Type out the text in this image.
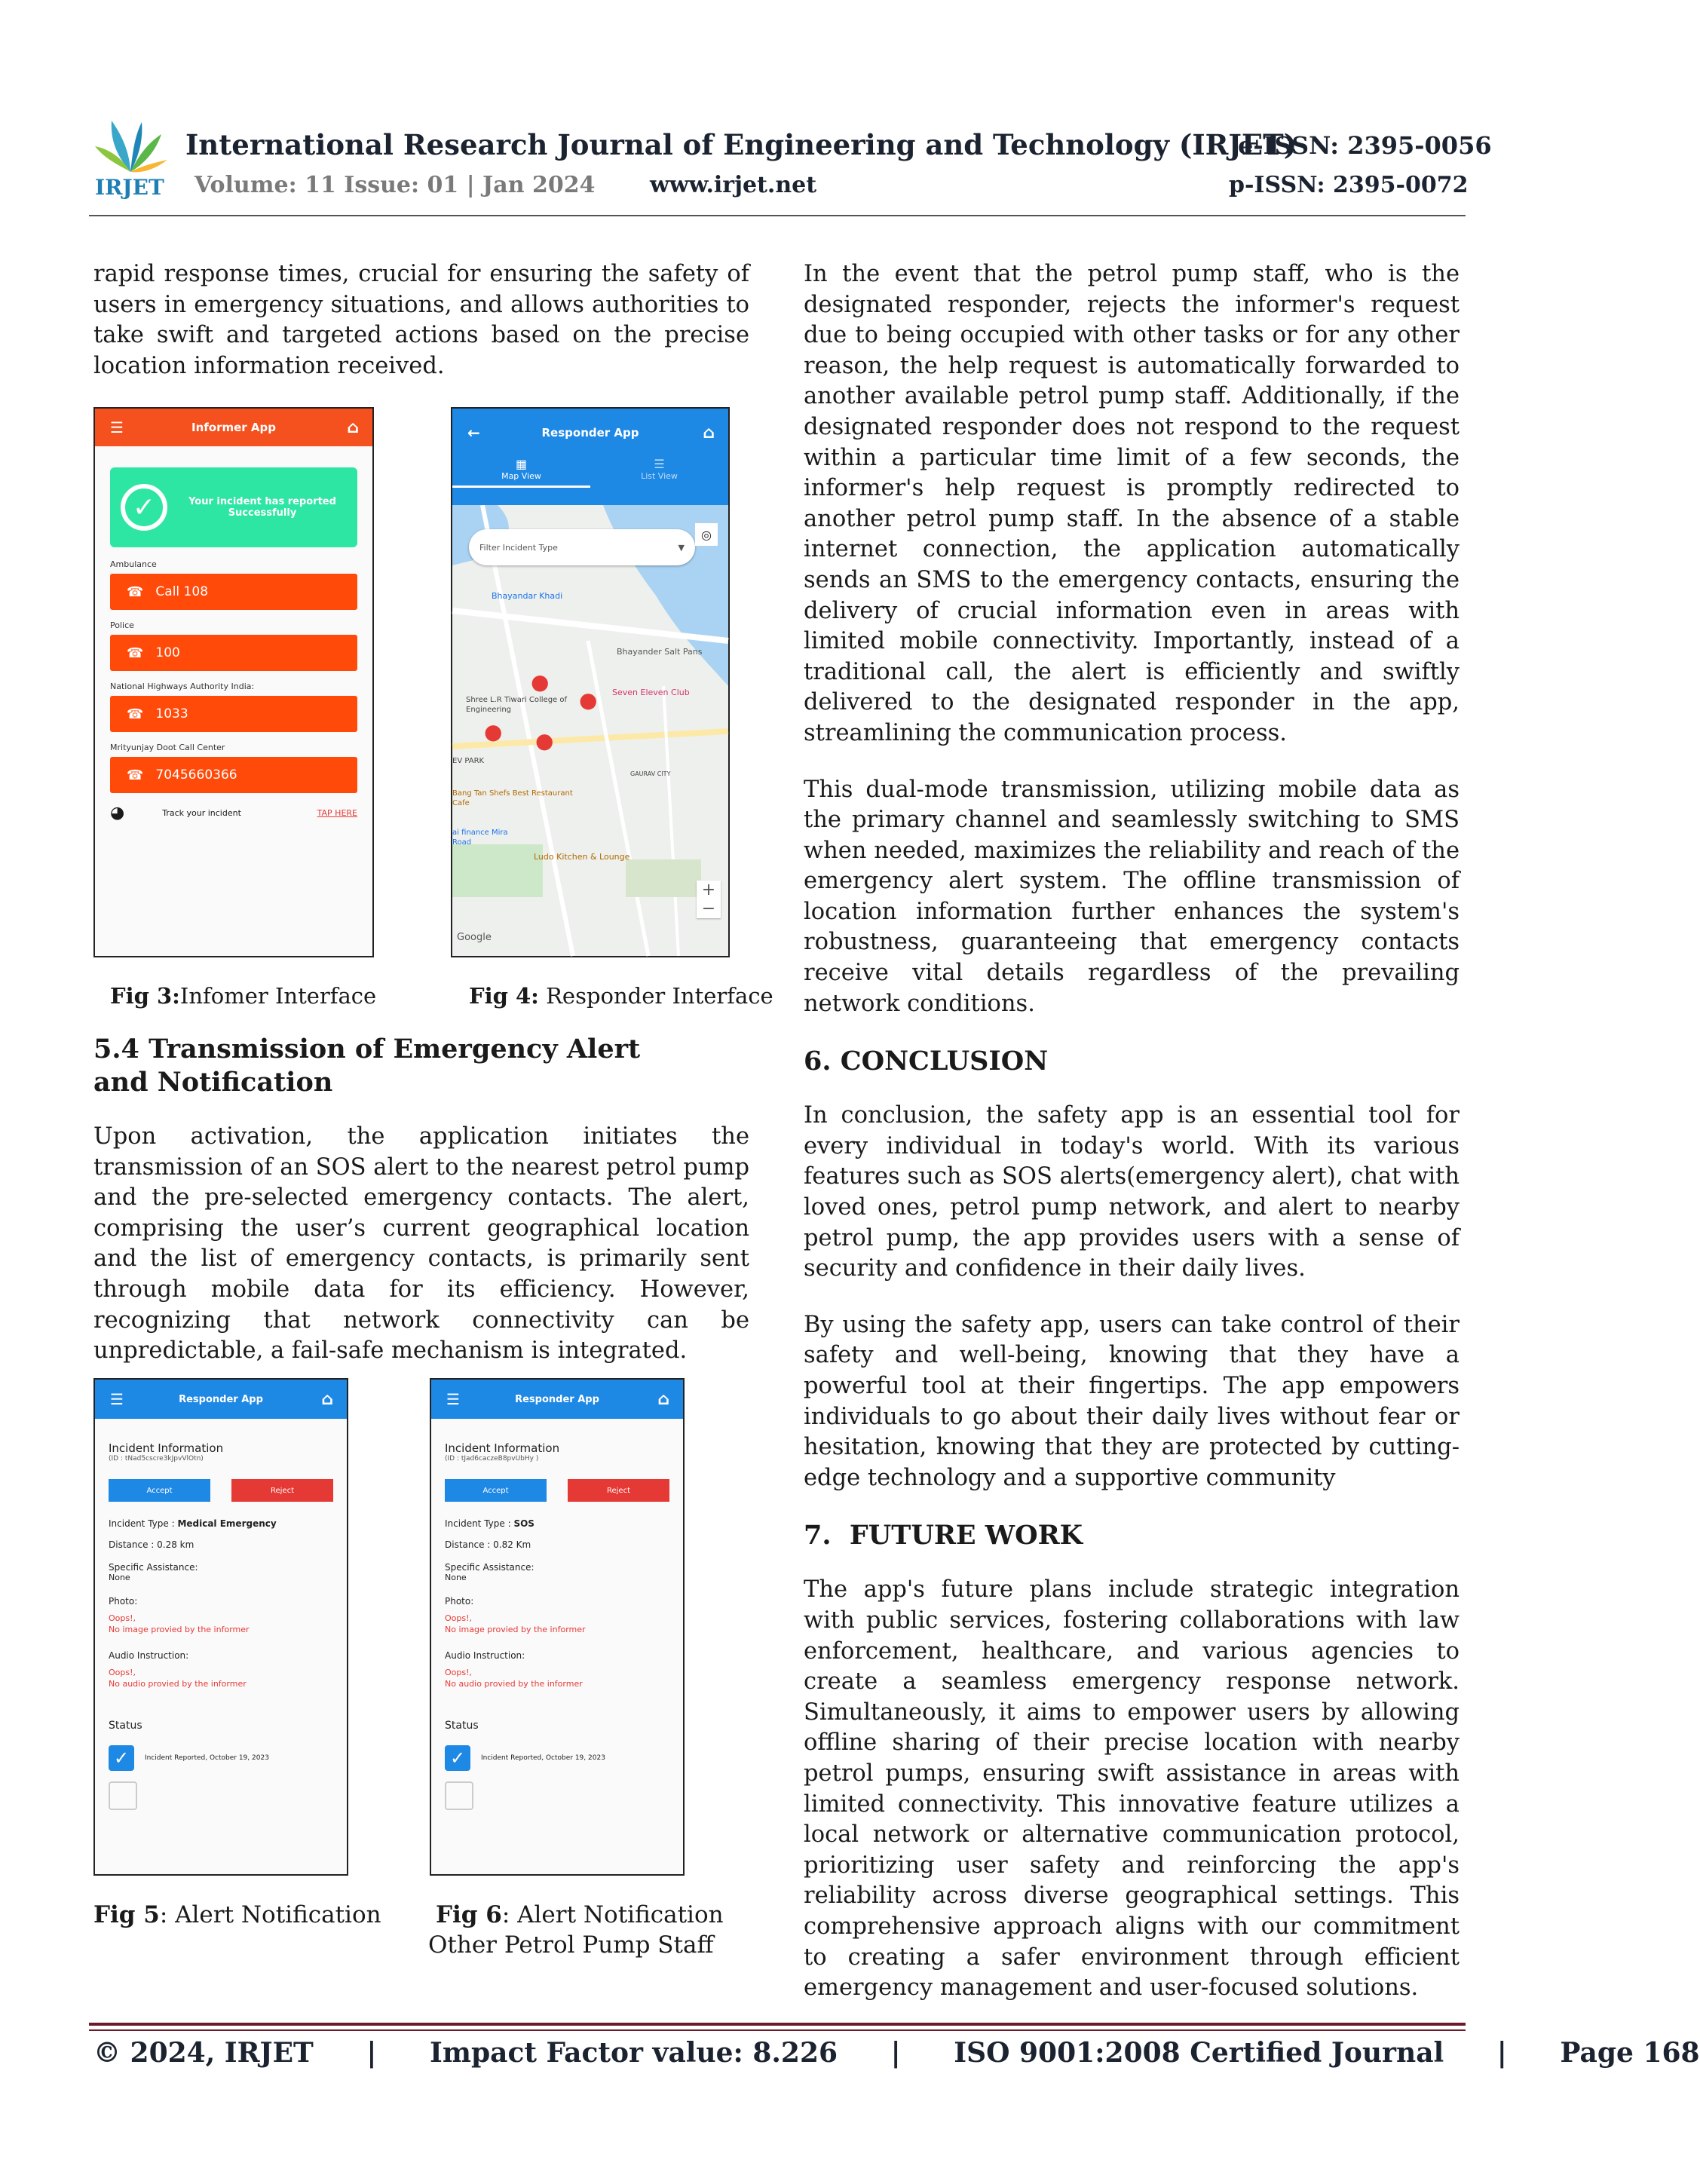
IRJET
International Research Journal of Engineering and Technology (IRJET)
e-ISSN: 2395-0056
Volume: 11 Issue: 01 | Jan 2024 www.irjet.net	p-ISSN: 2395-0072

rapid response times, crucial for ensuring the safety of users in emergency situations, and allows authorities to take swift and targeted actions based on the precise location information received.

☰	Informer App	⌂
✓	Your incident has reported Successfully
Ambulance
☎ Call 108
Police
☎ 100
National Highways Authority India:
☎ 1033
Mrityunjay Doot Call Center
☎ 7045660366
◕	Track your incident	TAP HERE
←	Responder App	⌂
▦
Map View
☰
List View
Filter Incident Type	▼
◎
Bhayandar Khadi
Bhayander Salt Pans
Shree L.R Tiwari College of Engineering
Seven Eleven Club
EV PARK
GAURAV CITY
Bang Tan Shefs Best Restaurant Cafe
ai finance Mira Road
Ludo Kitchen & Lounge
Google
●
●
● ●
+
−
Fig 3:Infomer Interface	Fig 4: Responder Interface
5.4 Transmission of Emergency Alert and Notification

Upon activation, the application initiates the transmission of an SOS alert to the nearest petrol pump and the pre-selected emergency contacts. The alert, comprising the user’s current geographical location and the list of emergency contacts, is primarily sent through mobile data for its efficiency. However, recognizing that network connectivity can be unpredictable, a fail-safe mechanism is integrated.

☰	Responder App	⌂
Incident Information
(ID : tNad5cscre3kJpvVlOtn)
Accept	Reject
Incident Type : Medical Emergency
Distance : 0.28 km
Specific Assistance:
None
Photo:
Oops!,
No image provied by the informer
Audio Instruction:
Oops!,
No audio provied by the informer
Status
✓	Incident Reported, October 19, 2023
☰	Responder App	⌂
Incident Information
(ID : tJad6caczeB8pvUbHy )
Accept	Reject
Incident Type : SOS
Distance : 0.82 Km
Specific Assistance:
None
Photo:
Oops!,
No image provied by the informer
Audio Instruction:
Oops!,
No audio provied by the informer
Status
✓	Incident Reported, October 19, 2023
Fig 5: Alert Notification Fig 6: Alert Notification
Other Petrol Pump Staff

In the event that the petrol pump staff, who is the designated responder, rejects the informer's request due to being occupied with other tasks or for any other reason, the help request is automatically forwarded to another available petrol pump staff. Additionally, if the designated responder does not respond to the request within a particular time limit of a few seconds, the informer's help request is promptly redirected to another petrol pump staff. In the absence of a stable internet connection, the application automatically sends an SMS to the emergency contacts, ensuring the delivery of crucial information even in areas with limited mobile connectivity. Importantly, instead of a traditional call, the alert is efficiently and swiftly delivered to the designated responder in the app, streamlining the communication process.

This dual-mode transmission, utilizing mobile data as the primary channel and seamlessly switching to SMS when needed, maximizes the reliability and reach of the emergency alert system. The offline transmission of location information further enhances the system's robustness, guaranteeing that emergency contacts receive vital details regardless of the prevailing network conditions.

6. CONCLUSION

In conclusion, the safety app is an essential tool for every individual in today's world. With its various features such as SOS alerts(emergency alert), chat with loved ones, petrol pump network, and alert to nearby petrol pump, the app provides users with a sense of security and confidence in their daily lives.

By using the safety app, users can take control of their safety and well-being, knowing that they have a powerful tool at their fingertips. The app empowers individuals to go about their daily lives without fear or hesitation, knowing that they are protected by cutting-edge technology and a supportive community

7.  FUTURE WORK

The app's future plans include strategic integration with public services, fostering collaborations with law enforcement, healthcare, and various agencies to create a seamless emergency response network. Simultaneously, it aims to empower users by allowing offline sharing of their precise location with nearby petrol pumps, ensuring swift assistance in areas with limited connectivity. This innovative feature utilizes a local network or alternative communication protocol, prioritizing user safety and reinforcing the app's reliability across diverse geographical settings. This comprehensive approach aligns with our commitment to creating a safer environment through efficient emergency management and user-focused solutions.

© 2024, IRJET | Impact Factor value: 8.226 | ISO 9001:2008 Certified Journal | Page 168
